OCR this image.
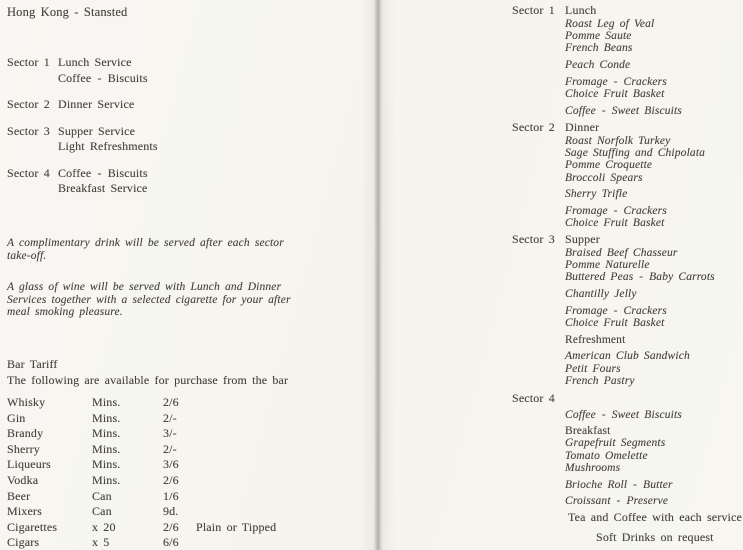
Hong Kong - Stansted
Sector 1 Lunch Service
Coffee - Biscuits
Sector 2 Dinner Service
Sector 3 Supper Service
Light Refreshments
Sector 4 Coffee - Biscuits
Breakfast Service

A complimentary drink will be served after each sector take-off.

A glass of wine will be served with Lunch and Dinner Services together with a selected cigarette for your after meal smoking pleasure.

Bar Tariff
The following are available for purchase from the bar
Whisky	Mins.	2/6
Gin	Mins.	2/-
Brandy	Mins.	3/-
Sherry	Mins.	2/-
Liqueurs	Mins.	3/6
Vodka	Mins.	2/6
Beer	Can	1/6
Mixers	Can	9d.
Cigarettes	x 20	2/6	Plain or Tipped
Cigars	x 5	6/6
Sector 1 Lunch
Roast Leg of Veal
Pomme Saute
French Beans
Peach Conde
Fromage - Crackers
Choice Fruit Basket
Coffee - Sweet Biscuits
Sector 2 Dinner
Roast Norfolk Turkey
Sage Stuffing and Chipolata
Pomme Croquette
Broccoli Spears
Sherry Trifle
Fromage - Crackers
Choice Fruit Basket
Sector 3 Supper
Braised Beef Chasseur
Pomme Naturelle
Buttered Peas - Baby Carrots
Chantilly Jelly
Fromage - Crackers
Choice Fruit Basket
Refreshment
American Club Sandwich
Petit Fours
French Pastry
Sector 4
Coffee - Sweet Biscuits
Breakfast
Grapefruit Segments
Tomato Omelette
Mushrooms
Brioche Roll - Butter
Croissant - Preserve
Tea and Coffee with each service
Soft Drinks on request
